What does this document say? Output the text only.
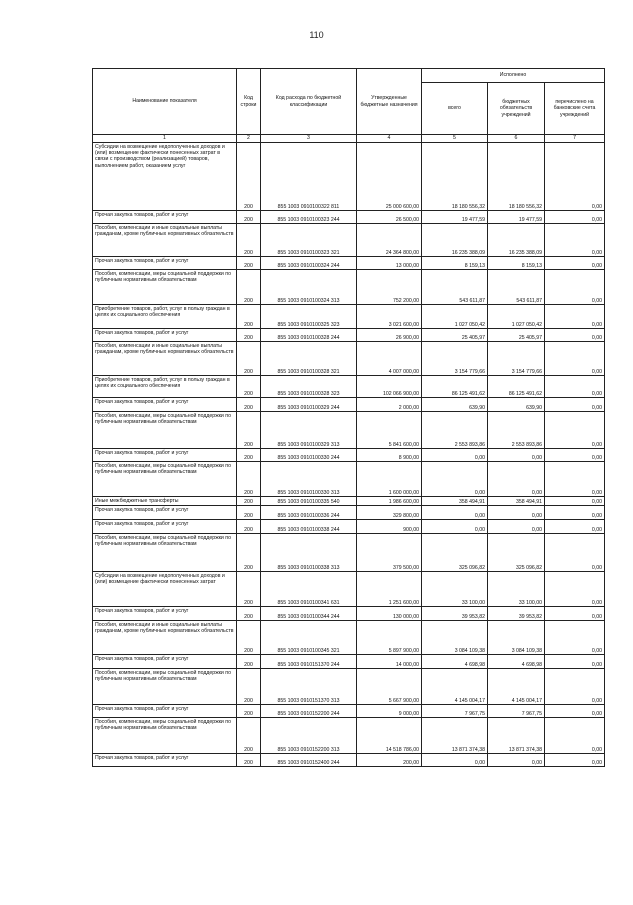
110
Наименование показателя	Код строки	Код расхода по бюджетной классификации	Утвержденные бюджетные назначения	Исполнено		
				всего	бюджетных обязательств учреждений	перечислено на банковские счета учреждений
1	2	3	4	5	6	7
Субсидии на возмещение недополученных доходов и (или) возмещение фактически понесенных затрат в связи с производством (реализацией) товаров, выполнением работ, оказанием услуг	200	855 1003 0910100322 811	25 000 600,00	18 180 556,32	18 180 556,32	0,00
Прочая закупка товаров, работ и услуг	200	855 1003 0910100323 244	26 500,00	19 477,59	19 477,59	0,00
Пособия, компенсации и иные социальные выплаты гражданам, кроме публичных нормативных обязательств	200	855 1003 0910100323 321	24 364 800,00	16 235 388,09	16 235 388,09	0,00
Прочая закупка товаров, работ и услуг	200	855 1003 0910100324 244	13 000,00	8 159,13	8 159,13	0,00
Пособия, компенсации, меры социальной поддержки по публичным нормативным обязательствам	200	855 1003 0910100324 313	752 200,00	543 611,87	543 611,87	0,00
Приобретение товаров, работ, услуг в пользу граждан в целях их социального обеспечения	200	855 1003 0910100325 323	3 021 600,00	1 027 050,42	1 027 050,42	0,00
Прочая закупка товаров, работ и услуг	200	855 1003 0910100328 244	26 900,00	25 405,97	25 405,97	0,00
Пособия, компенсации и иные социальные выплаты гражданам, кроме публичных нормативных обязательств	200	855 1003 0910100328 321	4 007 000,00	3 154 779,66	3 154 779,66	0,00
Приобретение товаров, работ, услуг в пользу граждан в целях их социального обеспечения	200	855 1003 0910100328 323	102 066 900,00	86 125 491,62	86 125 491,62	0,00
Прочая закупка товаров, работ и услуг	200	855 1003 0910100329 244	2 000,00	639,90	639,90	0,00
Пособия, компенсации, меры социальной поддержки по публичным нормативным обязательствам	200	855 1003 0910100329 313	5 841 600,00	2 553 893,86	2 553 893,86	0,00
Прочая закупка товаров, работ и услуг	200	855 1003 0910100330 244	8 900,00	0,00	0,00	0,00
Пособия, компенсации, меры социальной поддержки по публичным нормативным обязательствам	200	855 1003 0910100330 313	1 600 000,00	0,00	0,00	0,00
Иные межбюджетные трансферты	200	855 1003 0910100335 540	1 986 600,00	358 494,91	358 494,91	0,00
Прочая закупка товаров, работ и услуг	200	855 1003 0910100336 244	329 800,00	0,00	0,00	0,00
Прочая закупка товаров, работ и услуг	200	855 1003 0910100338 244	900,00	0,00	0,00	0,00
Пособия, компенсации, меры социальной поддержки по публичным нормативным обязательствам	200	855 1003 0910100338 313	379 500,00	325 096,82	325 096,82	0,00
Субсидии на возмещение недополученных доходов и (или) возмещение фактически понесенных затрат	200	855 1003 0910100341 631	1 251 600,00	33 100,00	33 100,00	0,00
Прочая закупка товаров, работ и услуг	200	855 1003 0910100344 244	130 000,00	39 953,82	39 953,82	0,00
Пособия, компенсации и иные социальные выплаты гражданам, кроме публичных нормативных обязательств	200	855 1003 0910100345 321	5 897 900,00	3 084 109,38	3 084 109,38	0,00
Прочая закупка товаров, работ и услуг	200	855 1003 0910151370 244	14 000,00	4 698,98	4 698,98	0,00
Пособия, компенсации, меры социальной поддержки по публичным нормативным обязательствам	200	855 1003 0910151370 313	5 667 900,00	4 145 004,17	4 145 004,17	0,00
Прочая закупка товаров, работ и услуг	200	855 1003 0910152200 244	9 000,00	7 967,75	7 967,75	0,00
Пособия, компенсации, меры социальной поддержки по публичным нормативным обязательствам	200	855 1003 0910152200 313	14 518 786,00	13 871 374,38	13 871 374,38	0,00
Прочая закупка товаров, работ и услуг	200	855 1003 0910152400 244	200,00	0,00	0,00	0,00
